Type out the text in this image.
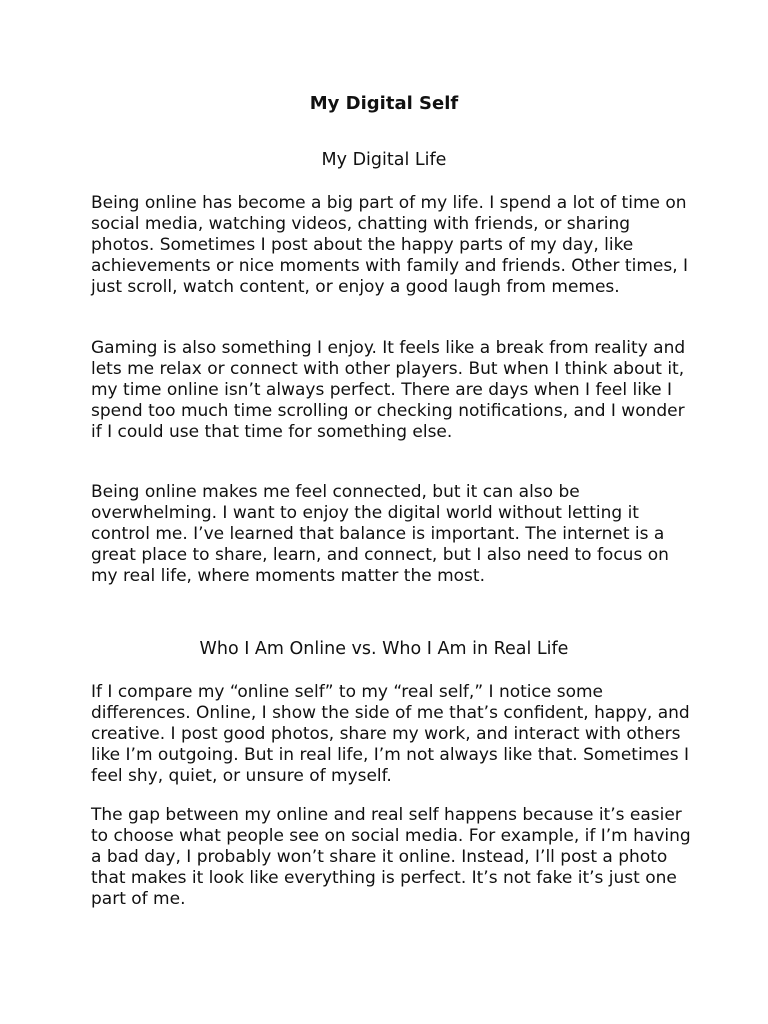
My Digital Self
My Digital Life

Being online has become a big part of my life. I spend a lot of time on social media, watching videos, chatting with friends, or sharing photos. Sometimes I post about the happy parts of my day, like achievements or nice moments with family and friends. Other times, I just scroll, watch content, or enjoy a good laugh from memes.

Gaming is also something I enjoy. It feels like a break from reality and lets me relax or connect with other players. But when I think about it, my time online isn’t always perfect. There are days when I feel like I spend too much time scrolling or checking notifications, and I wonder if I could use that time for something else.

Being online makes me feel connected, but it can also be overwhelming. I want to enjoy the digital world without letting it control me. I’ve learned that balance is important. The internet is a great place to share, learn, and connect, but I also need to focus on my real life, where moments matter the most.

Who I Am Online vs. Who I Am in Real Life

If I compare my “online self” to my “real self,” I notice some differences. Online, I show the side of me that’s confident, happy, and creative. I post good photos, share my work, and interact with others like I’m outgoing. But in real life, I’m not always like that. Sometimes I feel shy, quiet, or unsure of myself.

The gap between my online and real self happens because it’s easier to choose what people see on social media. For example, if I’m having a bad day, I probably won’t share it online. Instead, I’ll post a photo that makes it look like everything is perfect. It’s not fake it’s just one part of me.
